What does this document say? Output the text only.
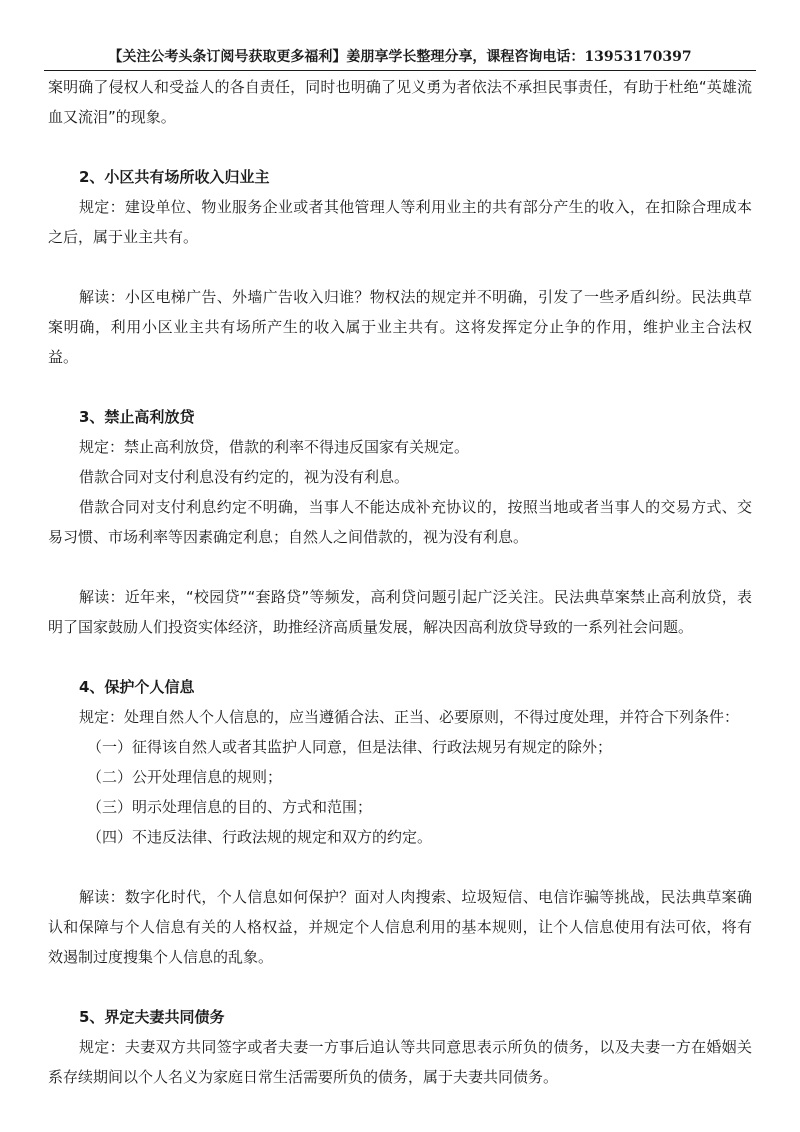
【关注公考头条订阅号获取更多福利】姜朋享学长整理分享，课程咨询电话：13953170397

案明确了侵权人和受益人的各自责任，同时也明确了见义勇为者依法不承担民事责任，有助于杜绝“英雄流血又流泪”的现象。

2、小区共有场所收入归业主

规定：建设单位、物业服务企业或者其他管理人等利用业主的共有部分产生的收入，在扣除合理成本之后，属于业主共有。

解读：小区电梯广告、外墙广告收入归谁？物权法的规定并不明确，引发了一些矛盾纠纷。民法典草案明确，利用小区业主共有场所产生的收入属于业主共有。这将发挥定分止争的作用，维护业主合法权益。

3、禁止高利放贷

规定：禁止高利放贷，借款的利率不得违反国家有关规定。

借款合同对支付利息没有约定的，视为没有利息。

借款合同对支付利息约定不明确，当事人不能达成补充协议的，按照当地或者当事人的交易方式、交易习惯、市场利率等因素确定利息；自然人之间借款的，视为没有利息。

解读：近年来，“校园贷”“套路贷”等频发，高利贷问题引起广泛关注。民法典草案禁止高利放贷，表明了国家鼓励人们投资实体经济，助推经济高质量发展，解决因高利放贷导致的一系列社会问题。

4、保护个人信息

规定：处理自然人个人信息的，应当遵循合法、正当、必要原则，不得过度处理，并符合下列条件：

（一）征得该自然人或者其监护人同意，但是法律、行政法规另有规定的除外；
（二）公开处理信息的规则；
（三）明示处理信息的目的、方式和范围；
（四）不违反法律、行政法规的规定和双方的约定。

解读：数字化时代，个人信息如何保护？面对人肉搜索、垃圾短信、电信诈骗等挑战，民法典草案确认和保障与个人信息有关的人格权益，并规定个人信息利用的基本规则，让个人信息使用有法可依，将有效遏制过度搜集个人信息的乱象。

5、界定夫妻共同债务

规定：夫妻双方共同签字或者夫妻一方事后追认等共同意思表示所负的债务，以及夫妻一方在婚姻关系存续期间以个人名义为家庭日常生活需要所负的债务，属于夫妻共同债务。
